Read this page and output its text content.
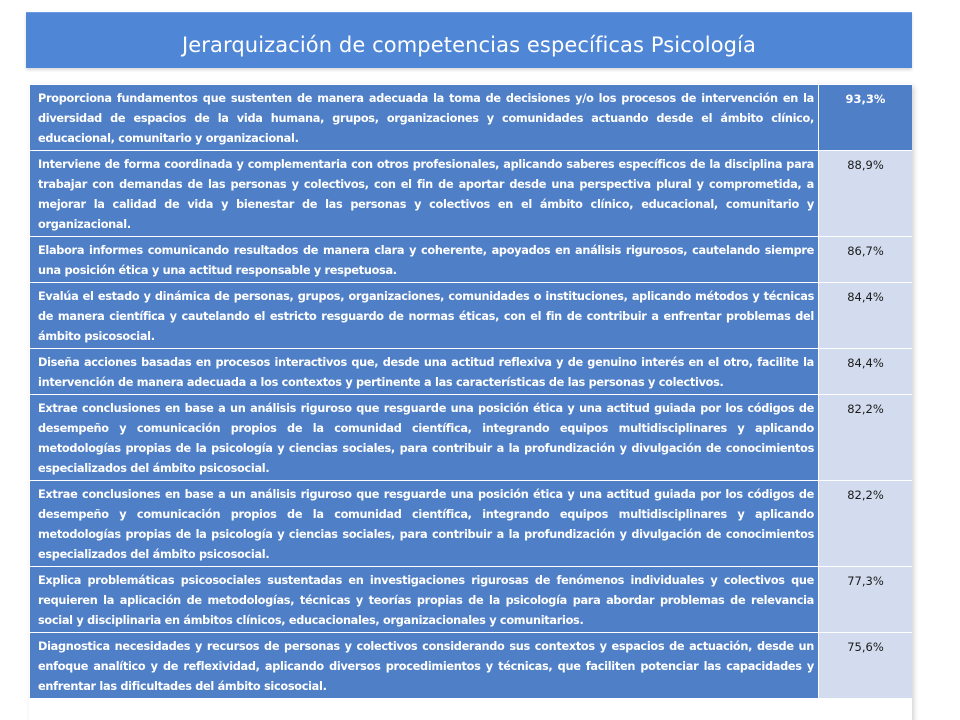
Jerarquización de competencias específicas Psicología
Proporciona fundamentos que sustenten de manera adecuada la toma de decisiones y/o los procesos de intervención en la diversidad de espacios de la vida humana, grupos, organizaciones y comunidades actuando desde el ámbito clínico, educacional, comunitario y organizacional.	93,3%
Interviene de forma coordinada y complementaria con otros profesionales, aplicando saberes específicos de la disciplina para trabajar con demandas de las personas y colectivos, con el fin de aportar desde una perspectiva plural y comprometida, a mejorar la calidad de vida y bienestar de las personas y colectivos en el ámbito clínico, educacional, comunitario y organizacional.	88,9%
Elabora informes comunicando resultados de manera clara y coherente, apoyados en análisis rigurosos, cautelando siempre una posición ética y una actitud responsable y respetuosa.	86,7%
Evalúa el estado y dinámica de personas, grupos, organizaciones, comunidades o instituciones, aplicando métodos y técnicas de manera científica y cautelando el estricto resguardo de normas éticas, con el fin de contribuir a enfrentar problemas del ámbito psicosocial.	84,4%
Diseña acciones basadas en procesos interactivos que, desde una actitud reflexiva y de genuino interés en el otro, facilite la intervención de manera adecuada a los contextos y pertinente a las características de las personas y colectivos.	84,4%
Extrae conclusiones en base a un análisis riguroso que resguarde una posición ética y una actitud guiada por los códigos de desempeño y comunicación propios de la comunidad científica, integrando equipos multidisciplinares y aplicando metodologías propias de la psicología y ciencias sociales, para contribuir a la profundización y divulgación de conocimientos especializados del ámbito psicosocial.	82,2%
Extrae conclusiones en base a un análisis riguroso que resguarde una posición ética y una actitud guiada por los códigos de desempeño y comunicación propios de la comunidad científica, integrando equipos multidisciplinares y aplicando metodologías propias de la psicología y ciencias sociales, para contribuir a la profundización y divulgación de conocimientos especializados del ámbito psicosocial.	82,2%
Explica problemáticas psicosociales sustentadas en investigaciones rigurosas de fenómenos individuales y colectivos que requieren la aplicación de metodologías, técnicas y teorías propias de la psicología para abordar problemas de relevancia social y disciplinaria en ámbitos clínicos, educacionales, organizacionales y comunitarios.	77,3%
Diagnostica necesidades y recursos de personas y colectivos considerando sus contextos y espacios de actuación, desde un enfoque analítico y de reflexividad, aplicando diversos procedimientos y técnicas, que faciliten potenciar las capacidades y enfrentar las dificultades del ámbito sicosocial.	75,6%
